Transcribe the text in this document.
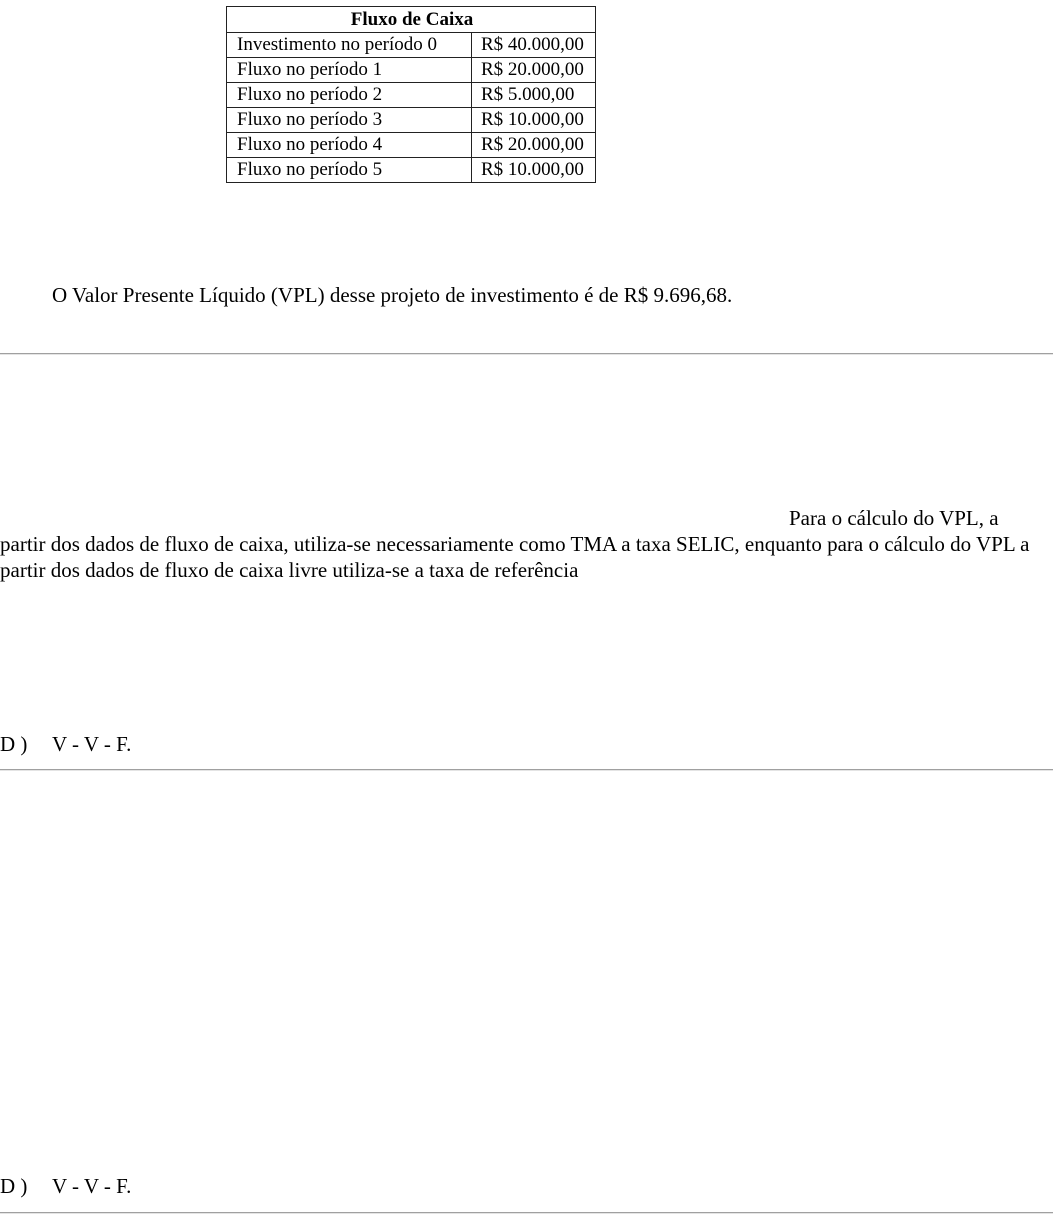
Fluxo de Caixa	
Investimento no período 0	R$ 40.000,00
Fluxo no período 1	R$ 20.000,00
Fluxo no período 2	R$ 5.000,00
Fluxo no período 3	R$ 10.000,00
Fluxo no período 4	R$ 20.000,00
Fluxo no período 5	R$ 10.000,00
O Valor Presente Líquido (VPL) desse projeto de investimento é de R$ 9.696,68.
Para o cálculo do VPL, a partir dos dados de fluxo de caixa, utiliza-se necessariamente como TMA a taxa SELIC, enquanto para o cálculo do VPL a partir dos dados de fluxo de caixa livre utiliza-se a taxa de referência
D ) V - V - F.
D ) V - V - F.
